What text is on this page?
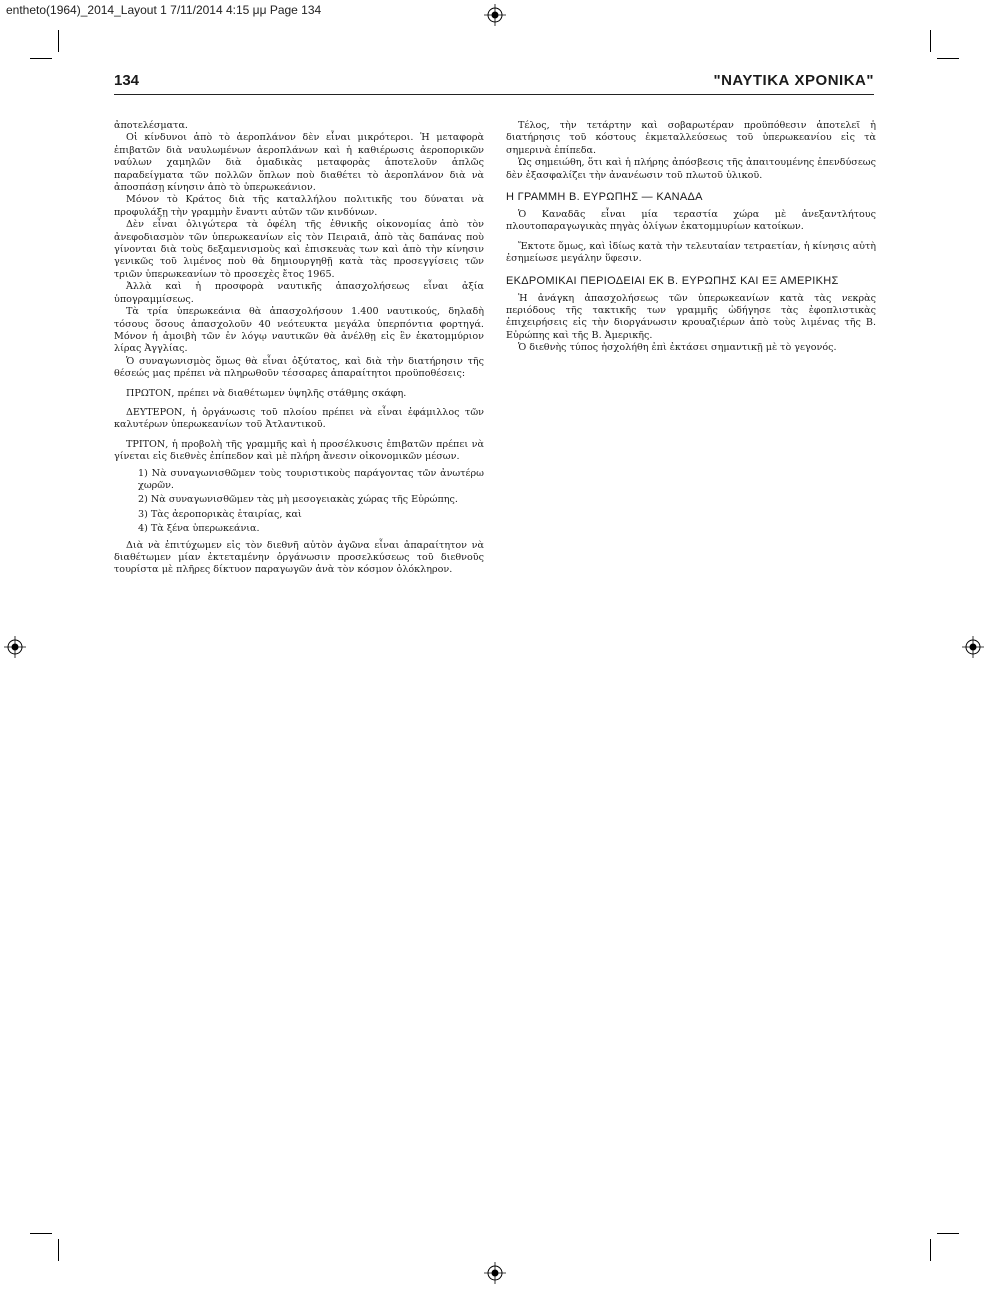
entheto(1964)_2014_Layout 1 7/11/2014 4:15 μμ Page 134
134	"ΝΑΥΤΙΚΑ ΧΡΟΝΙΚΑ"

ἀποτελέσματα.

Οἱ κίνδυνοι ἀπὸ τὸ ἀεροπλάνον δὲν εἶναι μικρότεροι. Ἡ μεταφορὰ ἐπιβατῶν διὰ ναυλωμένων ἀεροπλάνων καὶ ἡ καθιέρωσις ἀεροπορικῶν ναύλων χαμηλῶν διὰ ὁμαδικὰς μεταφορὰς ἀποτελοῦν ἁπλῶς παραδείγματα τῶν πολλῶν ὅπλων ποὺ διαθέτει τὸ ἀεροπλάνον διὰ νὰ ἀποσπάσῃ κίνησιν ἀπὸ τὸ ὑπερωκεάνιον.

Μόνον τὸ Κράτος διὰ τῆς καταλλήλου πολιτικῆς του δύναται νὰ προφυλάξῃ τὴν γραμμὴν ἔναντι αὐτῶν τῶν κινδύνων.

Δὲν εἶναι ὀλιγώτερα τὰ ὀφέλη τῆς ἐθνικῆς οἰκονομίας ἀπὸ τὸν ἀνεφοδιασμὸν τῶν ὑπερωκεανίων εἰς τὸν Πειραιᾶ, ἀπὸ τὰς δαπάνας ποὺ γίνονται διὰ τοὺς δεξαμενισμοὺς καὶ ἐπισκευὰς των καὶ ἀπὸ τὴν κίνησιν γενικῶς τοῦ λιμένος ποὺ θὰ δημιουργηθῇ κατὰ τὰς προσεγγίσεις τῶν τριῶν ὑπερωκεανίων τὸ προσεχὲς ἔτος 1965.

Ἀλλὰ καὶ ἡ προσφορὰ ναυτικῆς ἀπασχολήσεως εἶναι ἀξία ὑπογραμμίσεως.

Τὰ τρία ὑπερωκεάνια θὰ ἀπασχολήσουν 1.400 ναυτικούς, δηλαδὴ τόσους ὅσους ἀπασχολοῦν 40 νεότευκτα μεγάλα ὑπερπόντια φορτηγά. Μόνον ἡ ἀμοιβὴ τῶν ἐν λόγῳ ναυτικῶν θὰ ἀνέλθῃ εἰς ἓν ἑκατομμύριον λίρας Ἀγγλίας.

Ὁ συναγωνισμὸς ὅμως θὰ εἶναι ὀξύτατος, καὶ διὰ τὴν διατήρησιν τῆς θέσεώς μας πρέπει νὰ πληρωθοῦν τέσσαρες ἀπαραίτητοι προϋποθέσεις:

ΠΡΩΤΟΝ, πρέπει νὰ διαθέτωμεν ὑψηλῆς στάθμης σκάφη.

ΔΕΥΤΕΡΟΝ, ἡ ὀργάνωσις τοῦ πλοίου πρέπει νὰ εἶναι ἐφάμιλλος τῶν καλυτέρων ὑπερωκεανίων τοῦ Ἀτλαντικοῦ.

ΤΡΙΤΟΝ, ἡ προβολὴ τῆς γραμμῆς καὶ ἡ προσέλκυσις ἐπιβατῶν πρέπει νὰ γίνεται εἰς διεθνὲς ἐπίπεδον καὶ μὲ πλήρη ἄνεσιν οἰκονομικῶν μέσων.

1) Νὰ συναγωνισθῶμεν τοὺς τουριστικοὺς παράγοντας τῶν ἀνωτέρω χωρῶν.
2) Νὰ συναγωνισθῶμεν τὰς μὴ μεσογειακὰς χώρας τῆς Εὐρώπης.
3) Τὰς ἀεροπορικὰς ἑταιρίας, καὶ
4) Τὰ ξένα ὑπερωκεάνια.

Διὰ νὰ ἐπιτύχωμεν εἰς τὸν διεθνῆ αὐτὸν ἀγῶνα εἶναι ἀπαραίτητον νὰ διαθέτωμεν μίαν ἐκτεταμένην ὀργάνωσιν προσελκύσεως τοῦ διεθνοῦς τουρίστα μὲ πλῆρες δίκτυον παραγωγῶν ἀνὰ τὸν κόσμον ὁλόκληρον.

Τέλος, τὴν τετάρτην καὶ σοβαρωτέραν προϋπόθεσιν ἀποτελεῖ ἡ διατήρησις τοῦ κόστους ἐκμεταλλεύσεως τοῦ ὑπερωκεανίου εἰς τὰ σημερινὰ ἐπίπεδα.

Ὡς σημειώθη, ὅτι καὶ ἡ πλήρης ἀπόσβεσις τῆς ἀπαιτουμένης ἐπενδύσεως δὲν ἐξασφαλίζει τὴν ἀνανέωσιν τοῦ πλωτοῦ ὑλικοῦ.

Η ΓΡΑΜΜΗ Β. ΕΥΡΩΠΗΣ — ΚΑΝΑΔΑ

Ὁ Καναδᾶς εἶναι μία τεραστία χώρα μὲ ἀνεξαντλήτους πλουτοπαραγωγικὰς πηγὰς ὀλίγων ἑκατομμυρίων κατοίκων.

Ἔκτοτε ὅμως, καὶ ἰδίως κατὰ τὴν τελευταίαν τετραετίαν, ἡ κίνησις αὐτὴ ἐσημείωσε μεγάλην ὕφεσιν.

ΕΚΔΡΟΜΙΚΑΙ ΠΕΡΙΟΔΕΙΑΙ ΕΚ Β. ΕΥΡΩΠΗΣ ΚΑΙ ΕΞ ΑΜΕΡΙΚΗΣ

Ἡ ἀνάγκη ἀπασχολήσεως τῶν ὑπερωκεανίων κατὰ τὰς νεκρὰς περιόδους τῆς τακτικῆς των γραμμῆς ὡδήγησε τὰς ἐφοπλιστικὰς ἐπιχειρήσεις εἰς τὴν διοργάνωσιν κρουαζιέρων ἀπὸ τοὺς λιμένας τῆς Β. Εὐρώπης καὶ τῆς Β. Ἀμερικῆς.

Ὁ διεθνὴς τύπος ἠσχολήθη ἐπὶ ἐκτάσει σημαντικῇ μὲ τὸ γεγονός.
